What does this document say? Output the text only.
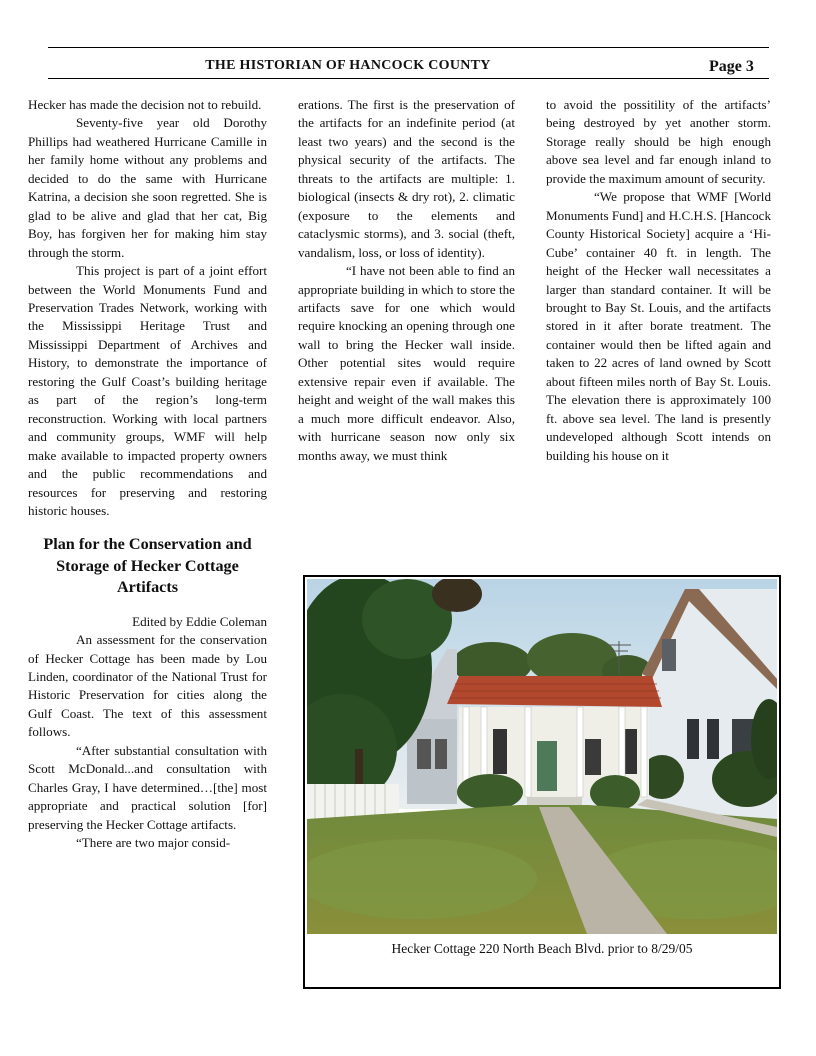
THE HISTORIAN OF HANCOCK COUNTY	Page 3

Hecker has made the decision not to rebuild.

Seventy-five year old Dorothy Phillips had weathered Hurricane Camille in her family home without any problems and decided to do the same with Hurricane Katrina, a decision she soon regretted. She is glad to be alive and glad that her cat, Big Boy, has forgiven her for making him stay through the storm.

This project is part of a joint effort between the World Monuments Fund and Preservation Trades Network, working with the Mississippi Heritage Trust and Mississippi Department of Archives and History, to demonstrate the importance of restoring the Gulf Coast’s building heritage as part of the region’s long-term reconstruction. Working with local partners and community groups, WMF will help make available to impacted property owners and the public recommendations and resources for preserving and restoring historic houses.

Plan for the Conservation and Storage of Hecker Cottage Artifacts

Edited by Eddie Coleman

An assessment for the conservation of Hecker Cottage has been made by Lou Linden, coordinator of the National Trust for Historic Preservation for cities along the Gulf Coast. The text of this assessment follows.

“After substantial consultation with Scott McDonald...and consultation with Charles Gray, I have determined…[the] most appropriate and practical solution [for] preserving the Hecker Cottage artifacts.

“There are two major consid-

erations. The first is the preservation of the artifacts for an indefinite period (at least two years) and the second is the physical security of the artifacts. The threats to the artifacts are multiple: 1. biological (insects & dry rot), 2. climatic (exposure to the elements and cataclysmic storms), and 3. social (theft, vandalism, loss, or loss of identity).

“I have not been able to find an appropriate building in which to store the artifacts save for one which would require knocking an opening through one wall to bring the Hecker wall inside. Other potential sites would require extensive repair even if available. The height and weight of the wall makes this a much more difficult endeavor. Also, with hurricane season now only six months away, we must think

to avoid the possitility of the artifacts’ being destroyed by yet another storm. Storage really should be high enough above sea level and far enough inland to provide the maximum amount of security.

“We propose that WMF [World Monuments Fund] and H.C.H.S. [Hancock County Historical Society] acquire a ‘Hi-Cube’ container 40 ft. in length. The height of the Hecker wall necessitates a larger than standard container. It will be brought to Bay St. Louis, and the artifacts stored in it after borate treatment. The container would then be lifted again and taken to 22 acres of land owned by Scott about fifteen miles north of Bay St. Louis. The elevation there is approximately 100 ft. above sea level. The land is presently undeveloped although Scott intends on building his house on it

Hecker Cottage 220 North Beach Blvd. prior to 8/29/05
